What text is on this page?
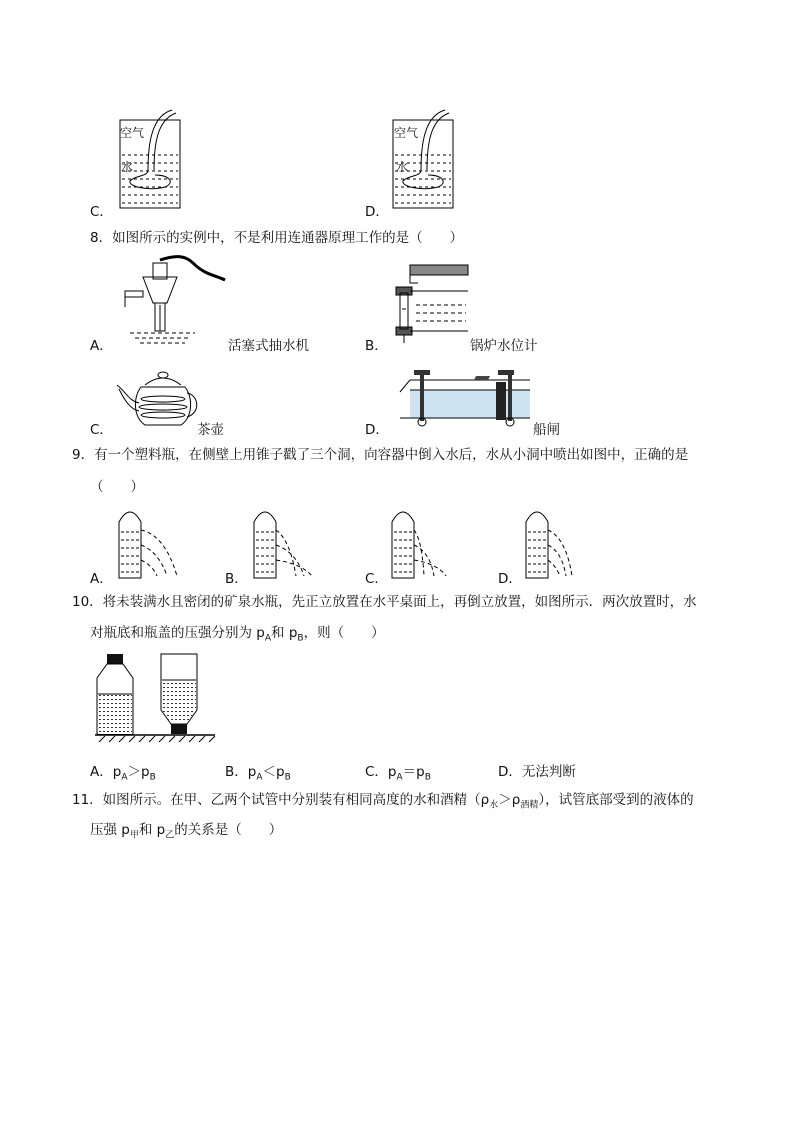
空气
水
C．
空气
水
D．
8．如图所示的实例中，不是利用连通器原理工作的是（　　）
A．	活塞式抽水机	B．	锅炉水位计
C．	茶壶	D．	船闸
9．有一个塑料瓶，在侧壁上用锥子戳了三个洞，向容器中倒入水后，水从小洞中喷出如图中，正确的是
（　　）
A．	B．	C．	D．
10．将未装满水且密闭的矿泉水瓶，先正立放置在水平桌面上，再倒立放置，如图所示．两次放置时，水
对瓶底和瓶盖的压强分别为 $p_A$和 $p_B$，则（　　）
A．$p_A>p_B$	B．$p_A<p_B$	C．$p_A=p_B$	D．无法判断
11．如图所示。在甲、乙两个试管中分别装有相同高度的水和酒精$(\rho_水>\rho_{酒精})$，试管底部受到的液体的
压强 $p_甲$和 $p_乙$的关系是（　　）
